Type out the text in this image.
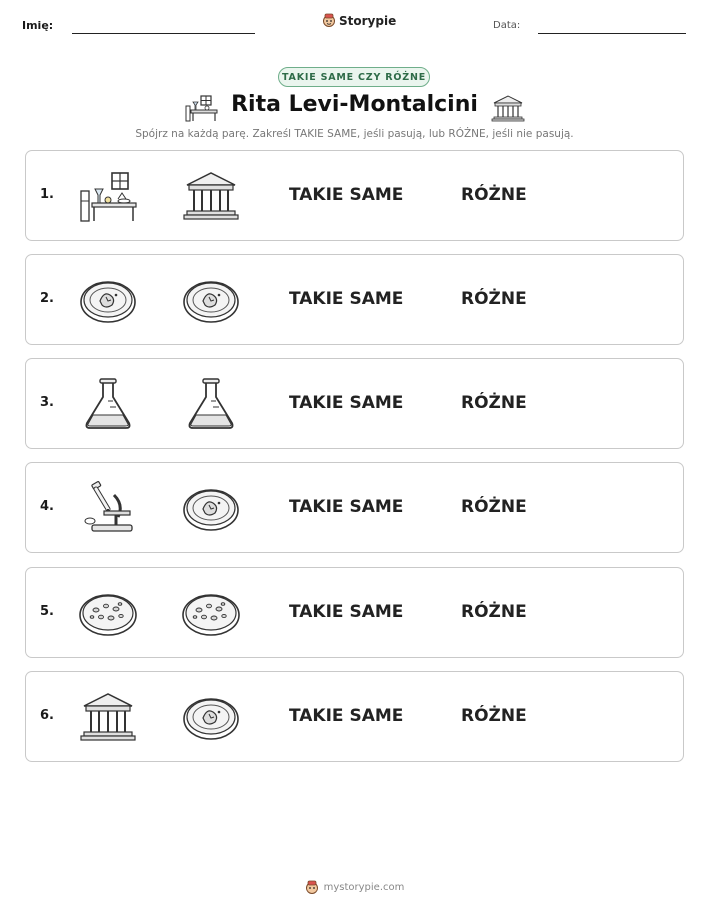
Imię:	Storypie	Data:
TAKIE SAME CZY RÓŻNE
Rita Levi-Montalcini
Spójrz na każdą parę. Zakreśl TAKIE SAME, jeśli pasują, lub RÓŻNE, jeśli nie pasują.
1.	TAKIE SAME	RÓŻNE
2.	TAKIE SAME	RÓŻNE
3.	TAKIE SAME	RÓŻNE
4.	TAKIE SAME	RÓŻNE
5.	TAKIE SAME	RÓŻNE
6.	TAKIE SAME	RÓŻNE
mystorypie.com
